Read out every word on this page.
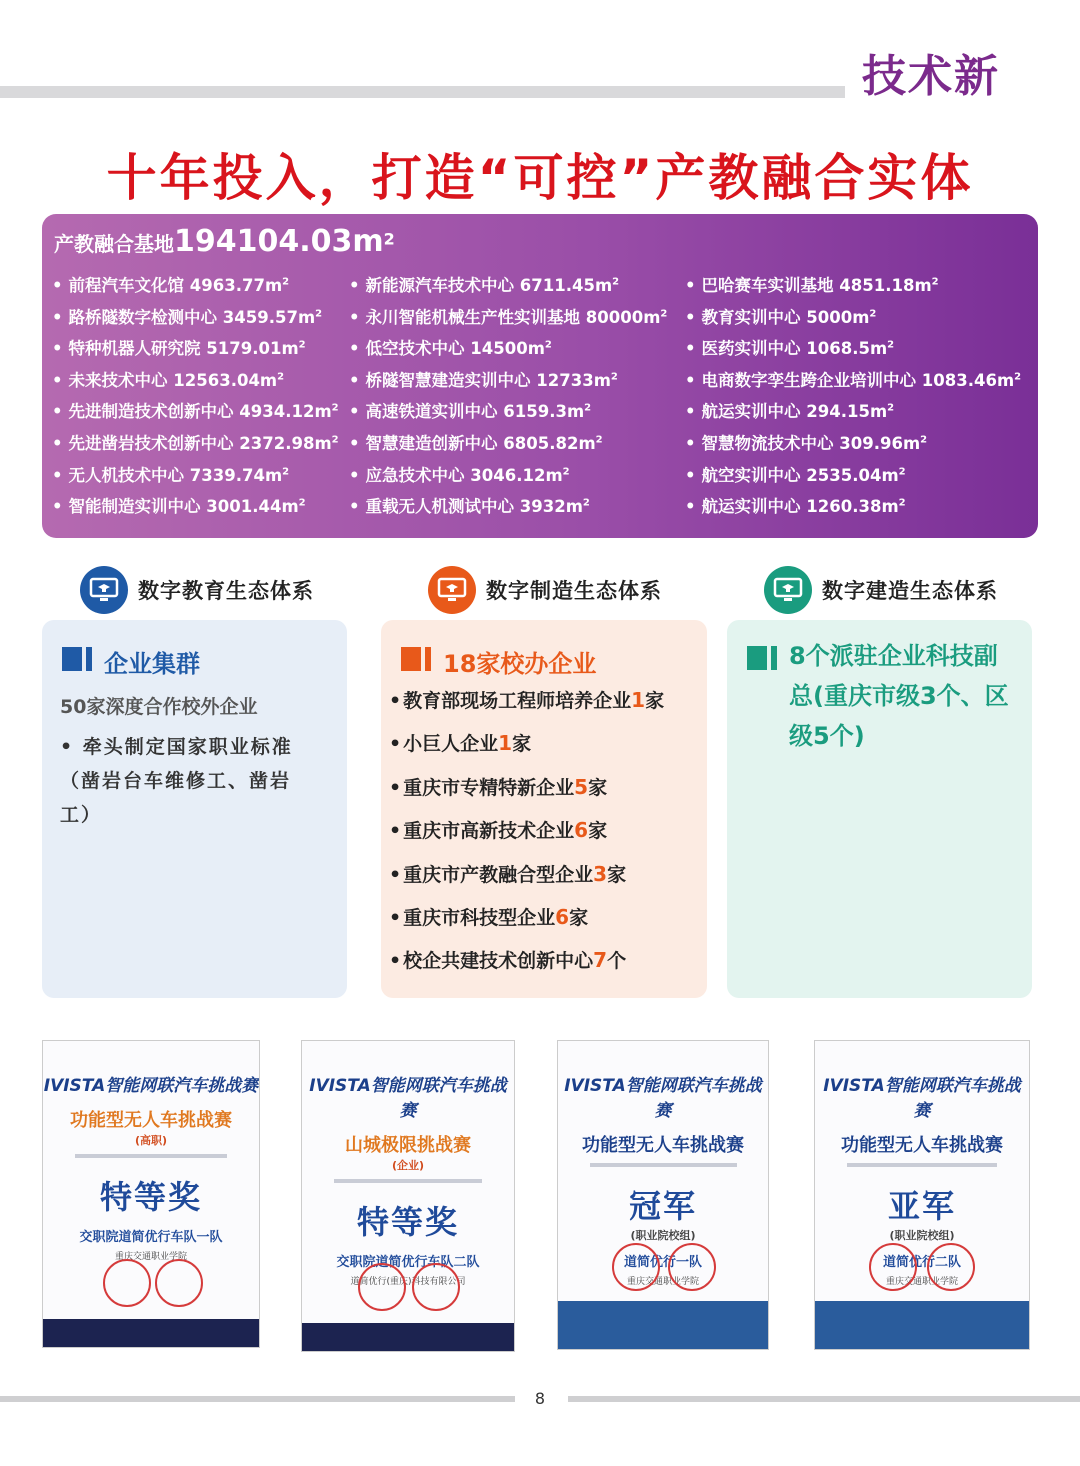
技术新
十年投入，打造“可控”产教融合实体
产教融合基地$194104.03m^2$
• 前程汽车文化馆 $4963.77m^2$
• 路桥隧数字检测中心 $3459.57m^2$
• 特种机器人研究院 $5179.01m^2$
• 未来技术中心 $12563.04m^2$
• 先进制造技术创新中心 $4934.12m^2$
• 先进凿岩技术创新中心 $2372.98m^2$
• 无人机技术中心 $7339.74m^2$
• 智能制造实训中心 $3001.44m^2$
• 新能源汽车技术中心 $6711.45m^2$
• 永川智能机械生产性实训基地 $80000m^2$
• 低空技术中心 $14500m^2$
• 桥隧智慧建造实训中心 $12733m^2$
• 高速铁道实训中心 $6159.3m^2$
• 智慧建造创新中心 $6805.82m^2$
• 应急技术中心 $3046.12m^2$
• 重载无人机测试中心 $3932m^2$
• 巴哈赛车实训基地 $4851.18m^2$
• 教育实训中心 $5000m^2$
• 医药实训中心 $1068.5m^2$
• 电商数字孪生跨企业培训中心 $1083.46m^2$
• 航运实训中心 $294.15m^2$
• 智慧物流技术中心 $309.96m^2$
• 航空实训中心 $2535.04m^2$
• 航运实训中心 $1260.38m^2$
数字教育生态体系	数字制造生态体系	数字建造生态体系
企业集群
50家深度合作校外企业
• 牵头制定国家职业标准（凿岩台车维修工、凿岩工）
18家校办企业
• 教育部现场工程师培养企业1家
• 小巨人企业1家
• 重庆市专精特新企业5家
• 重庆市高新技术企业6家
• 重庆市产教融合型企业3家
• 重庆市科技型企业6家
• 校企共建技术创新中心7个
8个派驻企业科技副总(重庆市级3个、区级5个)
IVISTA智能网联汽车挑战赛
功能型无人车挑战赛
(高职)
特等奖
交职院道简优行车队一队
重庆交通职业学院
IVISTA智能网联汽车挑战赛
山城极限挑战赛
(企业)
特等奖
交职院道简优行车队二队
道简优行(重庆)科技有限公司
IVISTA智能网联汽车挑战赛
功能型无人车挑战赛
冠军
(职业院校组)
道简优行一队
重庆交通职业学院
IVISTA智能网联汽车挑战赛
功能型无人车挑战赛
亚军
(职业院校组)
道简优行二队
重庆交通职业学院
8
